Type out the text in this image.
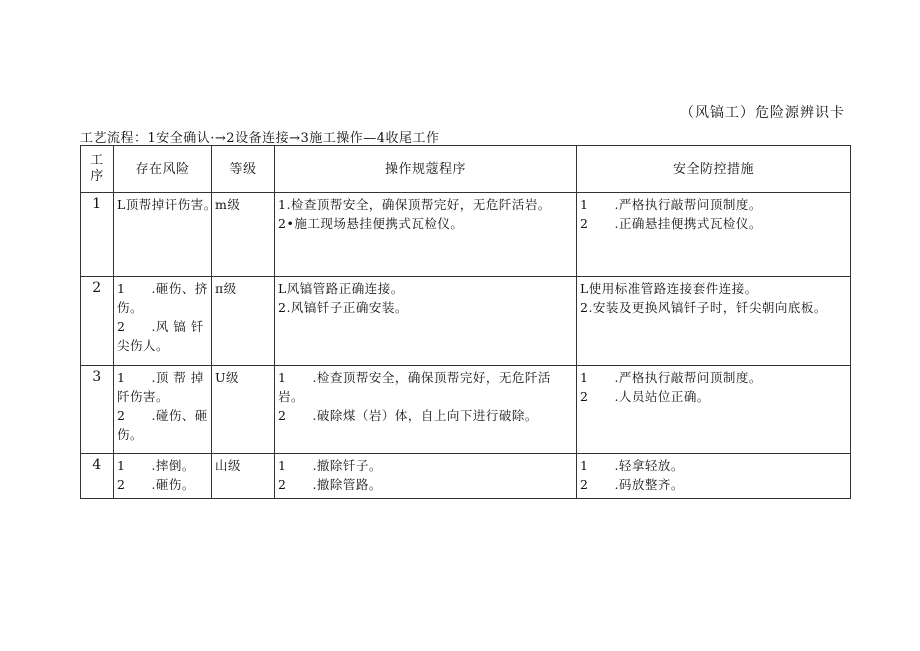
（风镐工）危险源辨识卡
工艺流程：1安全确认·→2设备连接→3施工操作—4收尾工作
工序	存在风险	等级	操作规蔻程序	安全防控措施
1	L顶帮掉讦伤害。	m级	1.检查顶帮安全，确保顶帮完好，无危阡活岩。
2•施工现场悬挂便携式瓦检仪。	1　　.严格执行敲帮问顶制度。
2　　.正确悬挂便携式瓦检仪。

2	1　　.砸伤、挤
伤。
2　　.风 镐 钎
尖伤人。	π级	L风镐管路正确连接。
2.风镐钎子正确安装。	L使用标准管路连接套件连接。
2.安装及更换风镐钎子时，钎尖朝向底板。

3	1　　.顶 帮 掉
阡伤害。
2　　.碰伤、砸
伤。	U级	1　　.检查顶帮安全，确保顶帮完好，无危阡活
岩。
2　　.破除煤（岩）体，自上向下进行破除。	1　　.严格执行敲帮问顶制度。
2　　.人员站位正确。

4	1　　.摔倒。
2　　.砸伤。	山级	1　　.撤除钎子。
2　　.撤除管路。	1　　.轻拿轻放。
2　　.码放整齐。
